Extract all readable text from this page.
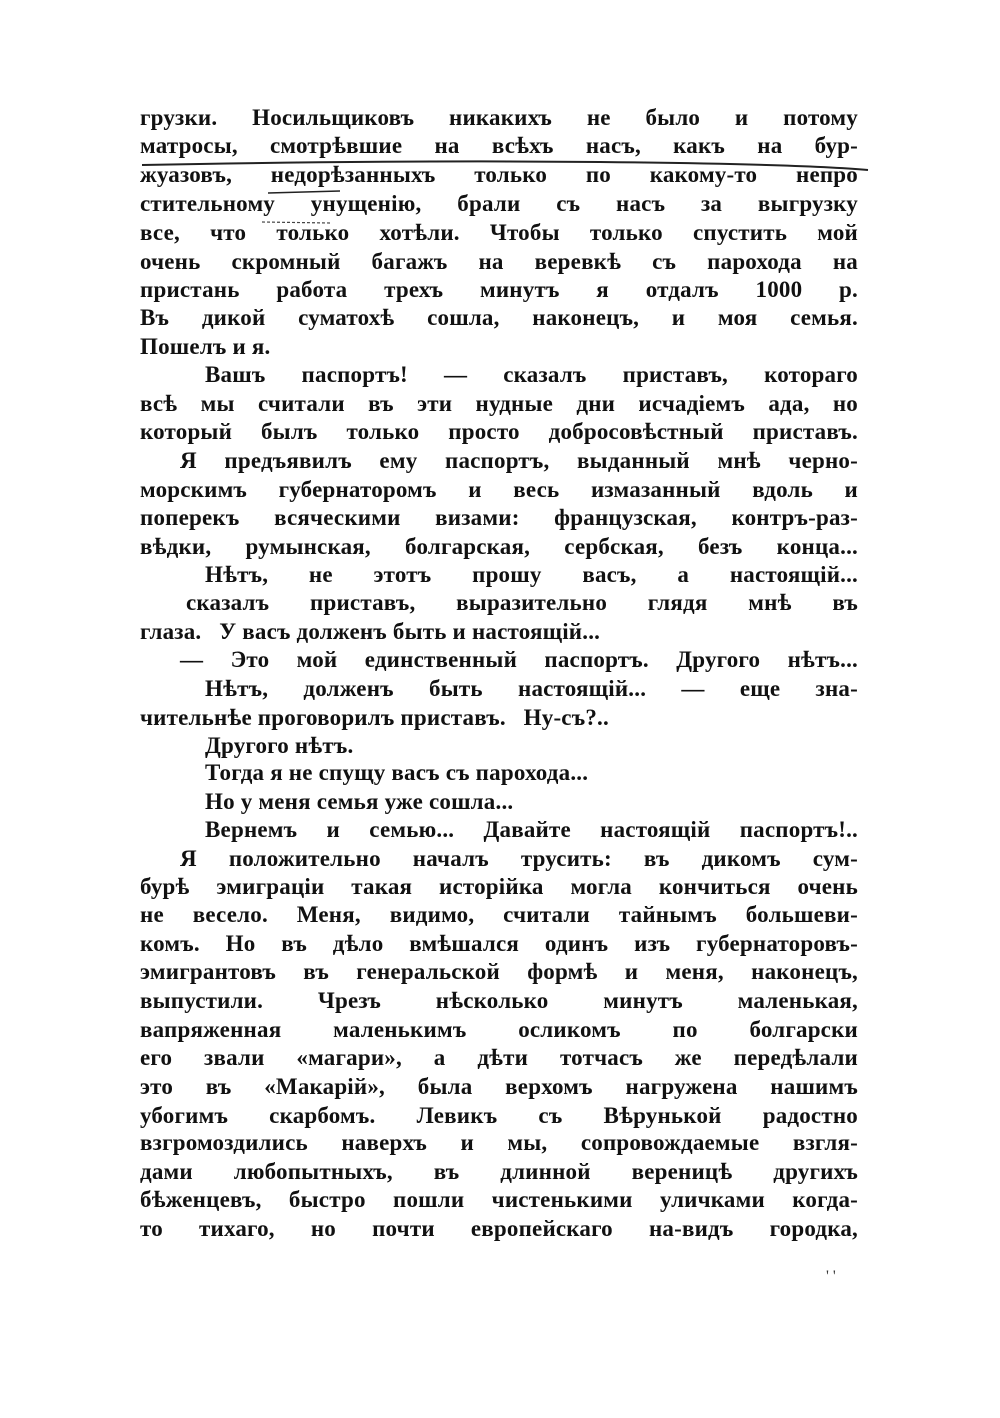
грузки. Носильщиковъ никакихъ не было и потому
матросы, смотрѣвшие на всѣхъ насъ, какъ на бур-
жуазовъ, недорѣзанныхъ только по какому-то непро
стительному унущенію, брали съ насъ за выгрузку
все, что только хотѣли. Чтобы только спустить мой
очень скромный багажъ на веревкѣ съ парохода на
пристань работа трехъ минутъ я отдалъ 1000 р.
Въ дикой суматохѣ сошла, наконецъ, и моя семья.
Пошелъ и я.
Вашъ паспортъ! — сказалъ приставъ, котораго
всѣ мы считали въ эти нудные дни исчадіемъ ада, но
который былъ только просто добросовѣстный приставъ.
Я предъявилъ ему паспортъ, выданный мнѣ черно-
морскимъ губернаторомъ и весь измазанный вдоль и
поперекъ всяческими визами: французская, контръ-раз-
вѣдки, румынская, болгарская, сербская, безъ конца...
Нѣтъ, не этотъ прошу васъ, а настоящій...
сказалъ приставъ, выразительно глядя мнѣ въ
глаза.   У васъ долженъ быть и настоящій...
— Это мой единственный паспортъ. Другого нѣтъ...
Нѣтъ, долженъ быть настоящій... — еще зна-
чительнѣе проговорилъ приставъ.   Ну-съ?..
Другого нѣтъ.
Тогда я не спущу васъ съ парохода...
Но у меня семья уже сошла...
Вернемъ и семью... Давайте настоящій паспортъ!..
Я положительно началъ трусить: въ дикомъ сум-
бурѣ эмиграціи такая исторійка могла кончиться очень
не весело. Меня, видимо, считали тайнымъ большеви-
комъ. Но въ дѣло вмѣшался одинъ изъ губернаторовъ-
эмигрантовъ въ генеральской формѣ и меня, наконецъ,
выпустили. Чрезъ нѣсколько минутъ маленькая,
вапряженная маленькимъ осликомъ по болгарски
его звали «магари», а дѣти тотчасъ же передѣлали
это въ «Макарій», была верхомъ нагружена нашимъ
убогимъ скарбомъ. Левикъ съ Вѣрунькой радостно
взгромоздились наверхъ и мы, сопровождаемые взгля-
дами любопытныхъ, въ длинной вереницѣ другихъ
бѣженцевъ, быстро пошли чистенькими уличками когда-
то тихаго, но почти европейскаго на-видъ городка,
' '
